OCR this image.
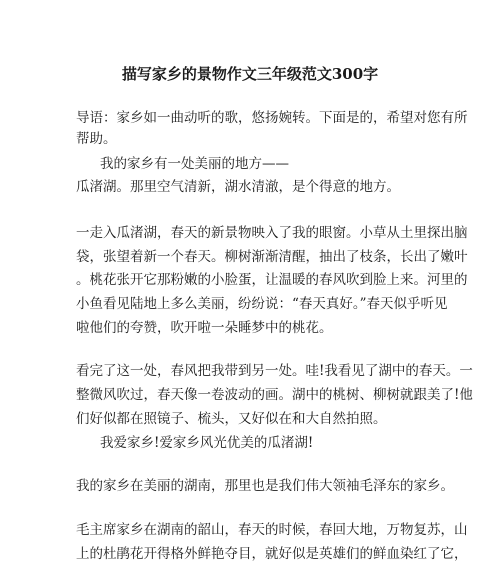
描写家乡的景物作文三年级范文300字
导语：家乡如一曲动听的歌，悠扬婉转。下面是的，希望对您有所
帮助。
我的家乡有一处美丽的地方——
瓜渚湖。那里空气清新，湖水清澈，是个得意的地方。
一走入瓜渚湖，春天的新景物映入了我的眼窗。小草从土里探出脑
袋，张望着新一个春天。柳树渐渐清醒，抽出了枝条，长出了嫩叶
。桃花张开它那粉嫩的小脸蛋，让温暖的春风吹到脸上来。河里的
小鱼看见陆地上多么美丽，纷纷说：“春天真好。”春天似乎听见
啦他们的夸赞，吹开啦一朵睡梦中的桃花。
看完了这一处，春风把我带到另一处。哇!我看见了湖中的春天。一
整微风吹过，春天像一卷波动的画。湖中的桃树、柳树就跟美了!他
们好似都在照镜子、梳头，又好似在和大自然拍照。
我爱家乡!爱家乡风光优美的瓜渚湖!
我的家乡在美丽的湖南，那里也是我们伟大领袖毛泽东的家乡。
毛主席家乡在湖南的韶山，春天的时候，春回大地，万物复苏，山
上的杜鹃花开得格外鲜艳夺目，就好似是英雄们的鲜血染红了它，
